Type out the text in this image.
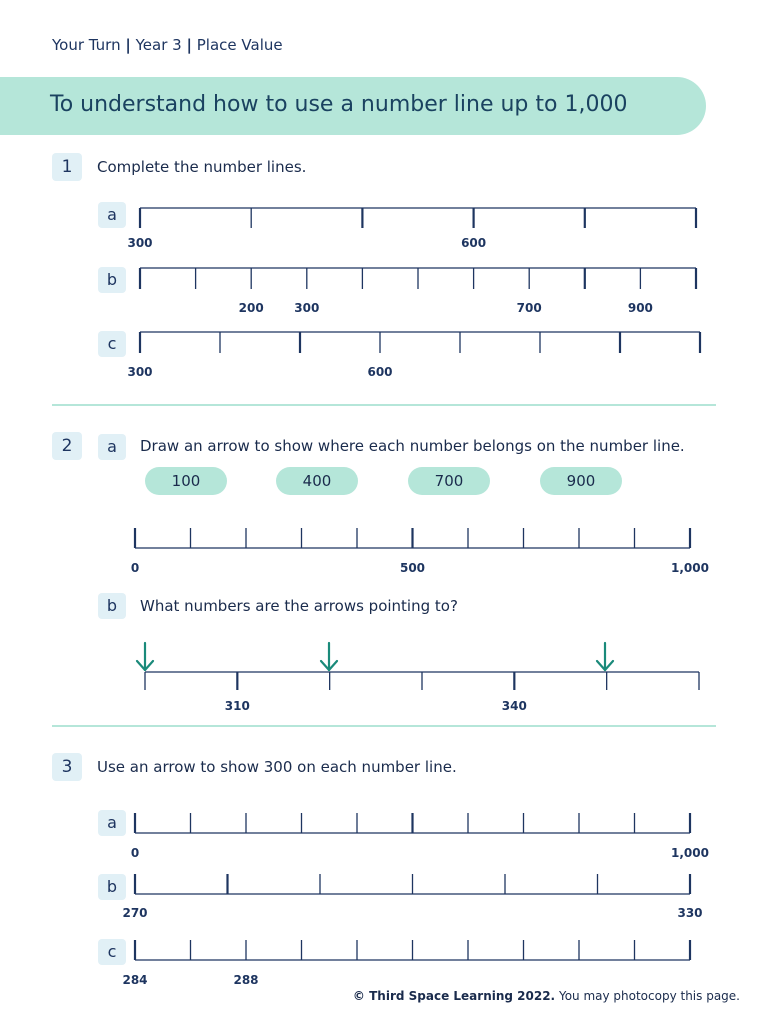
Your Turn | Year 3 | Place Value
To understand how to use a number line up to 1,000
1	Complete the number lines.
a
b
c
2	a	Draw an arrow to show where each number belongs on the number line.
100	400	700	900
b	What numbers are the arrows pointing to?
3	Use an arrow to show 300 on each number line.
a
b
c
300	600
200	300	700	900
300	600
0	500	1,000
310	340
0	1,000
270	330
284	288
© Third Space Learning 2022. You may photocopy this page.
